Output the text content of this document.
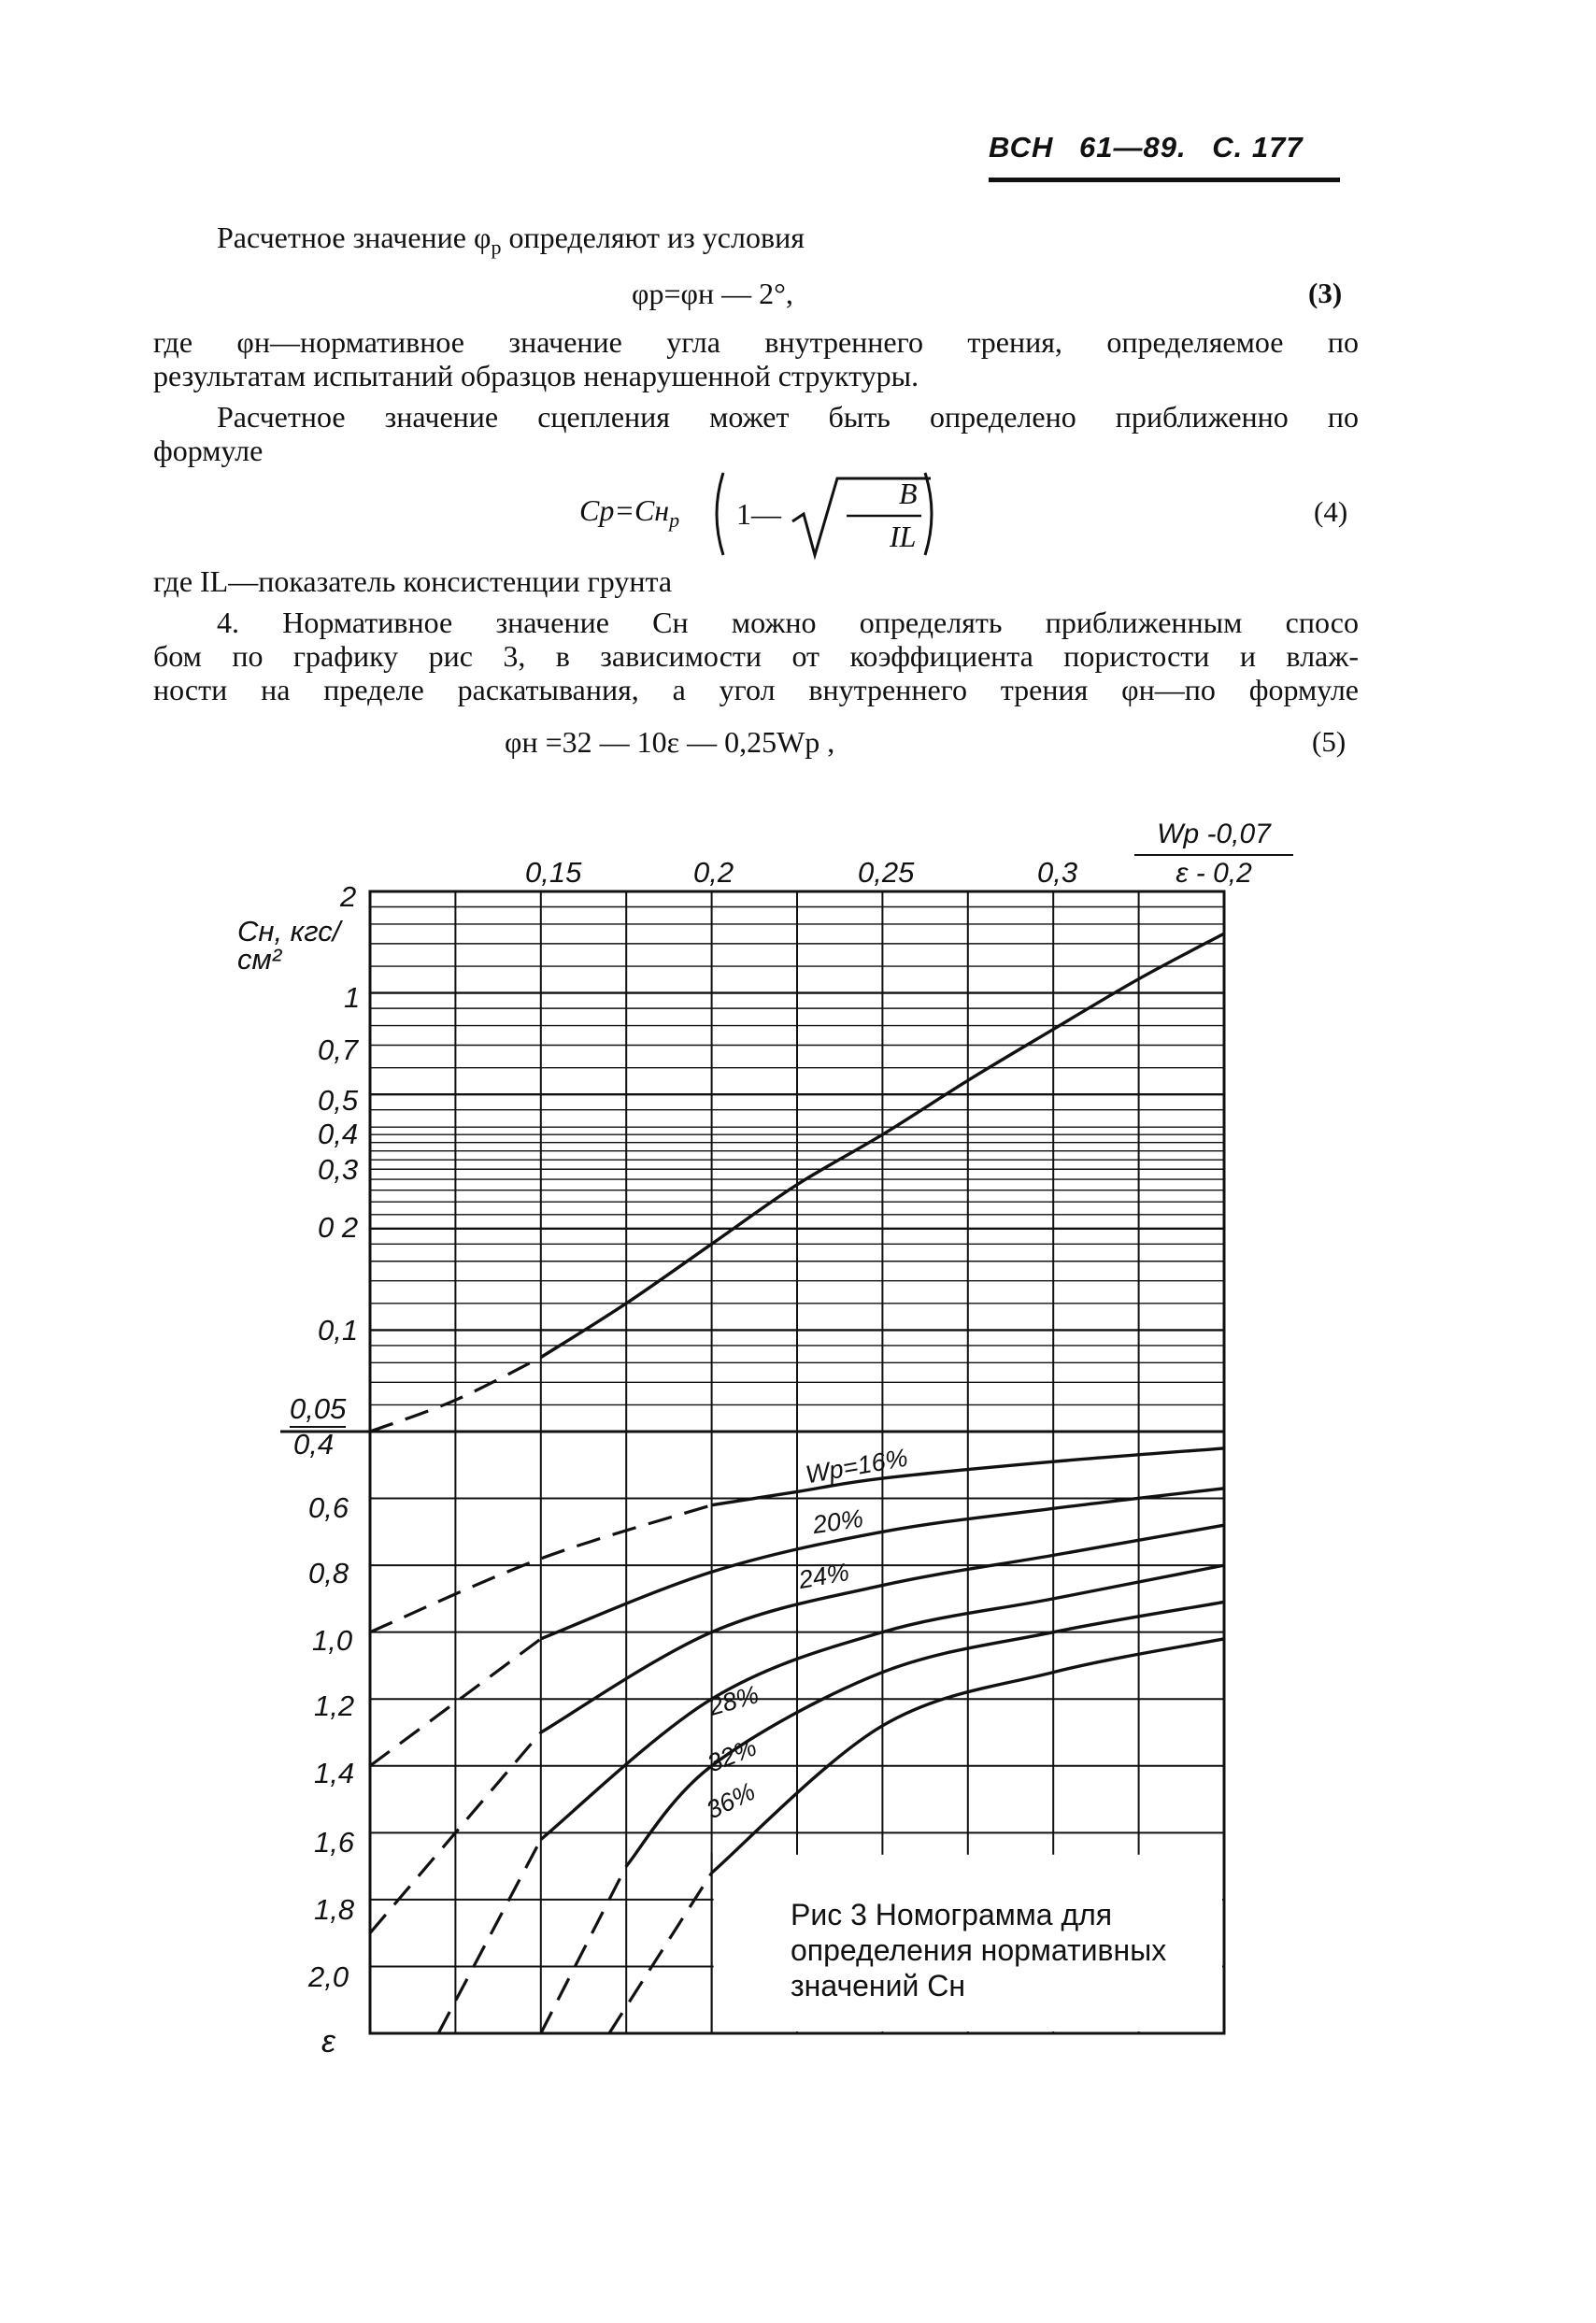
ВСН 61—89. С. 177
Расчетное значение $\varphi_р$ определяют из условия
φр=φн — 2°,	(3)
где φн—нормативное значение угла внутреннего трения, определяемое по
результатам испытаний образцов ненарушенной структуры.
Расчетное значение сцепления может быть определено приближенно по
формуле
$Cр=Cн_р$ 1—
B
IL
(4)
где IL—показатель консистенции грунта
4. Нормативное значение Cн можно определять приближенным спосо
бом по графику рис 3, в зависимости от коэффициента пористости и влаж-
ности на пределе раскатывания, а угол внутреннего трения φн—по формуле
φн =32 — 10ε — 0,25Wр ,	(5)
Wp -0,07
ε - 0,2
0,15	0,2	0,25	0,3
2
Cн, кгс/см²
1
0,7
0,5
0,4
0,3
0 2
0,1
0,05
0,4
0,6
0,8
1,0
1,2
1,4
1,6
1,8
2,0
ε
Wp=16%
20%
24%
28%
32%
36%
Рис 3 Номограмма для определения нормативных значений Cн
